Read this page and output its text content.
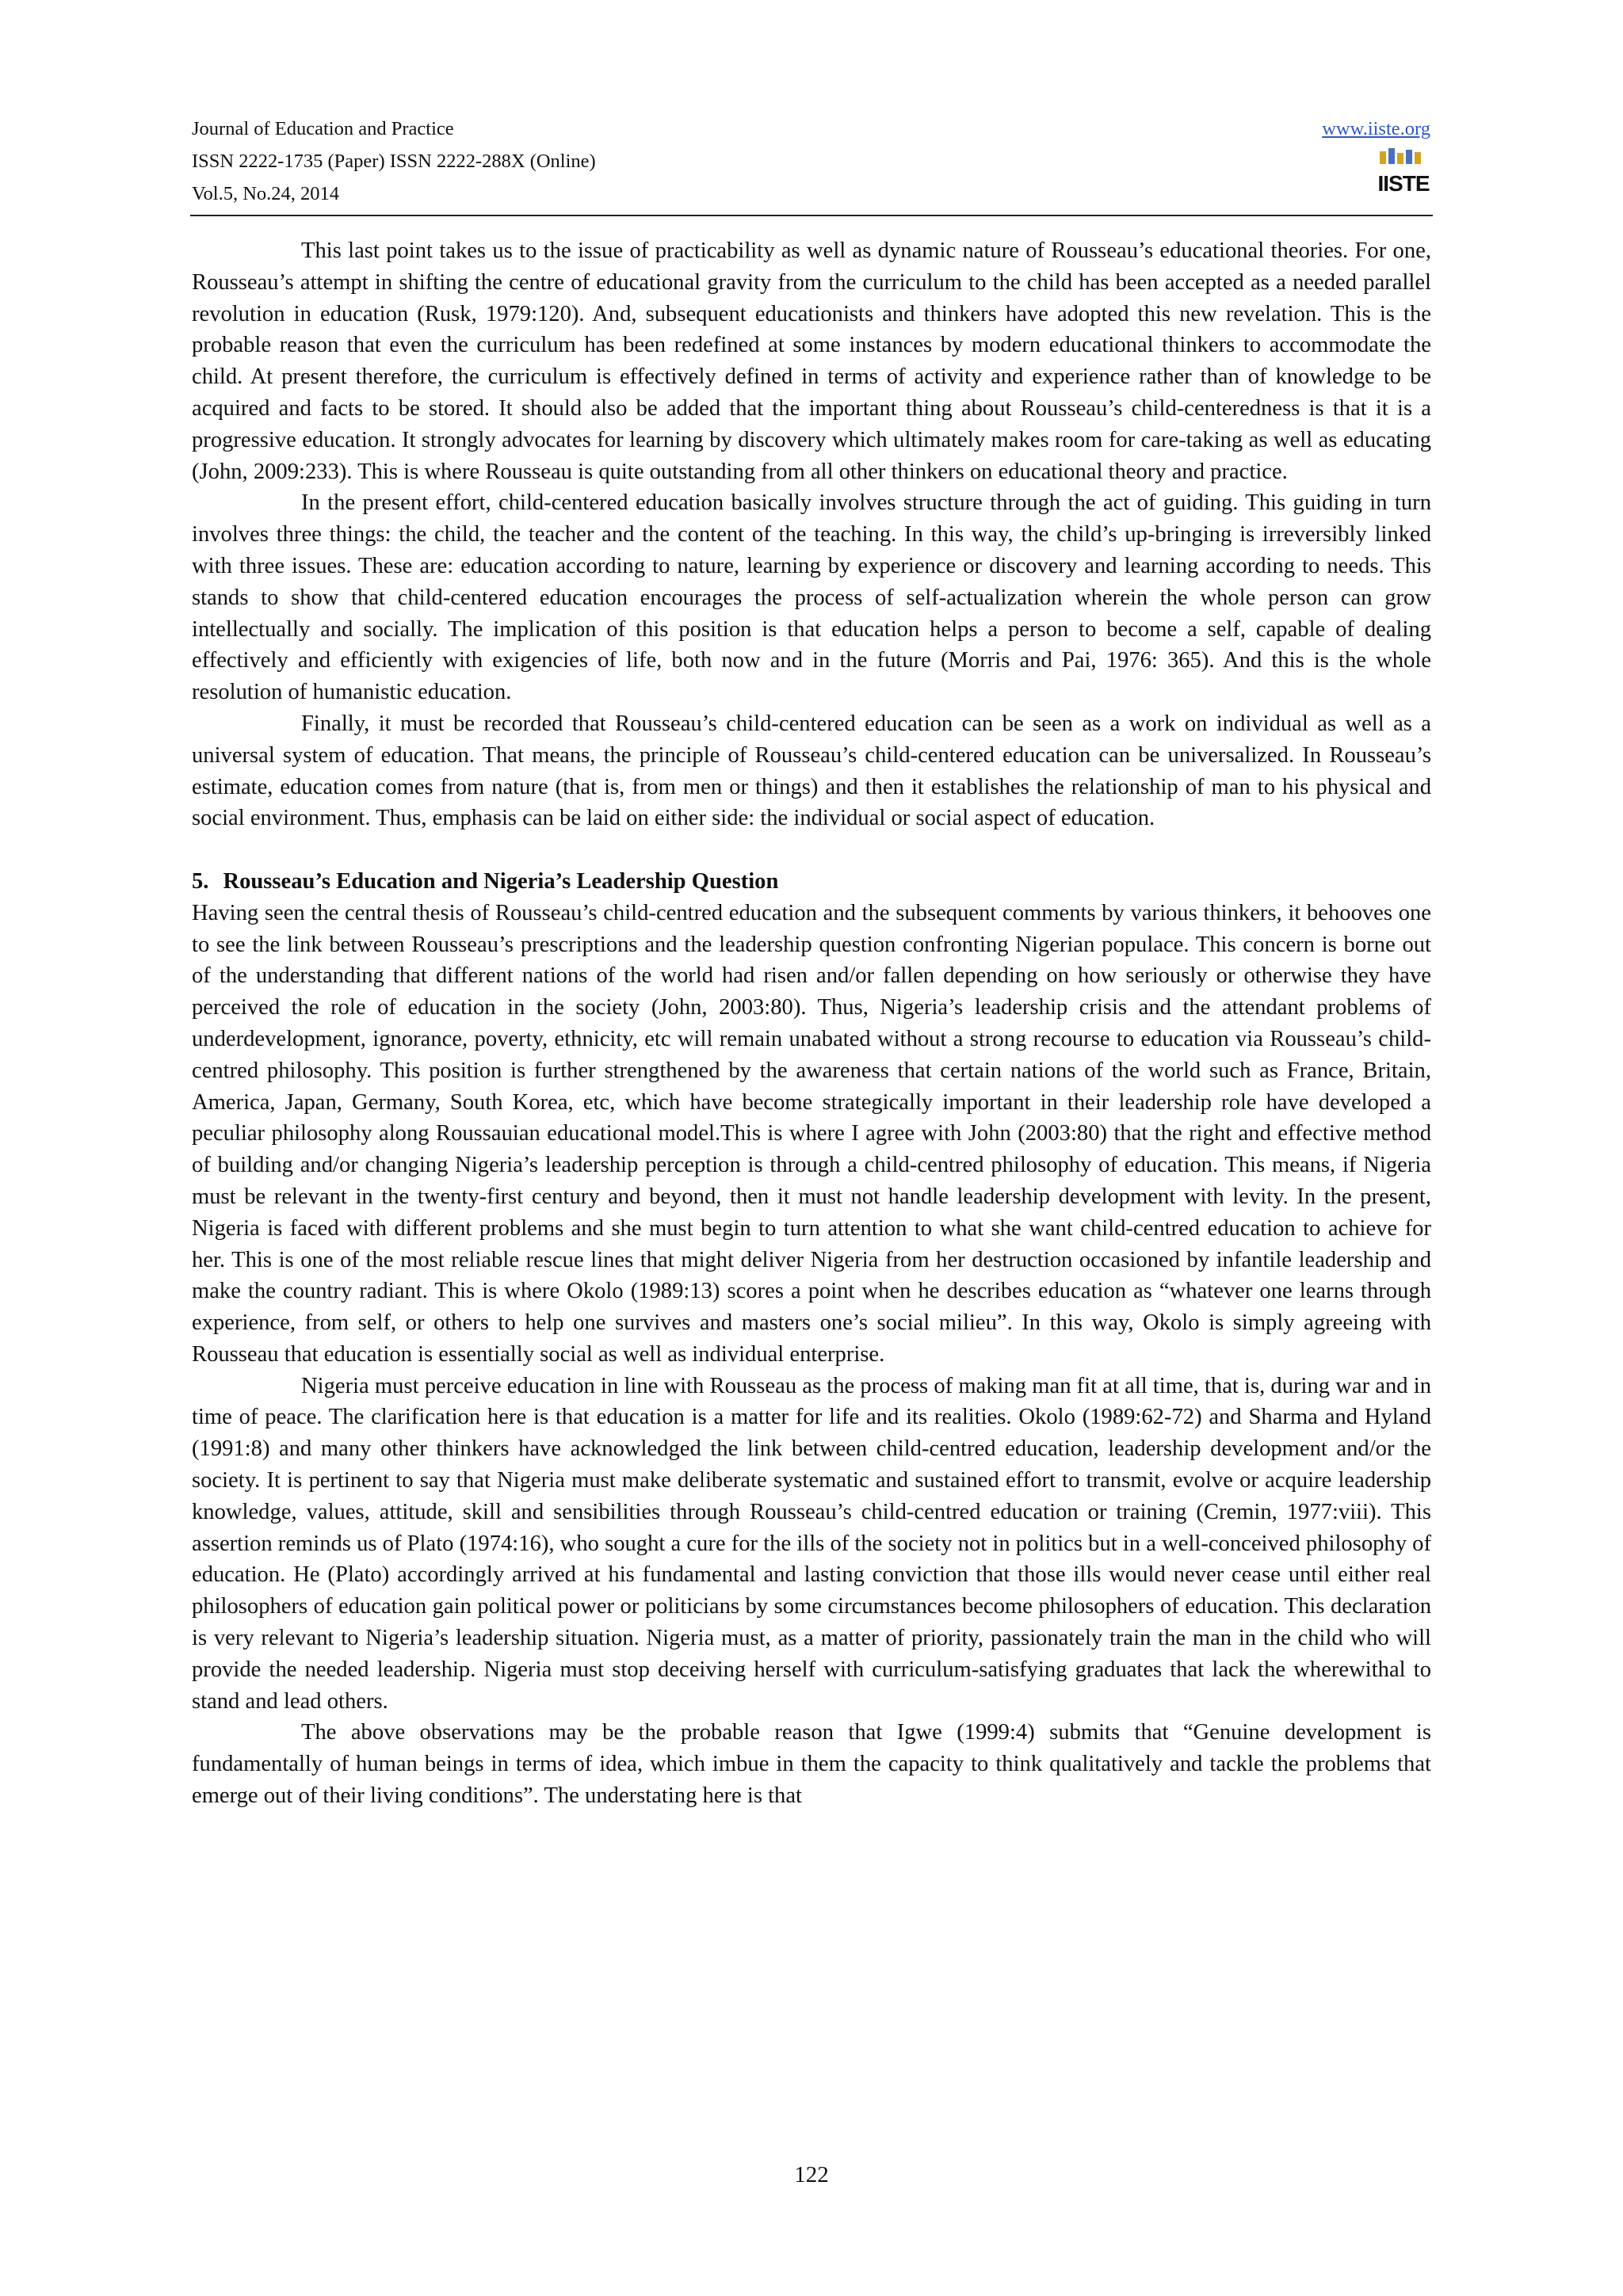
Journal of Education and Practice
ISSN 2222-1735 (Paper) ISSN 2222-288X (Online)
Vol.5, No.24, 2014
www.iiste.org
IISTE

This last point takes us to the issue of practicability as well as dynamic nature of Rousseau’s educational theories. For one, Rousseau’s attempt in shifting the centre of educational gravity from the curriculum to the child has been accepted as a needed parallel revolution in education (Rusk, 1979:120). And, subsequent educationists and thinkers have adopted this new revelation. This is the probable reason that even the curriculum has been redefined at some instances by modern educational thinkers to accommodate the child. At present therefore, the curriculum is effectively defined in terms of activity and experience rather than of knowledge to be acquired and facts to be stored. It should also be added that the important thing about Rousseau’s child-centeredness is that it is a progressive education. It strongly advocates for learning by discovery which ultimately makes room for care-taking as well as educating (John, 2009:233). This is where Rousseau is quite outstanding from all other thinkers on educational theory and practice.

In the present effort, child-centered education basically involves structure through the act of guiding. This guiding in turn involves three things: the child, the teacher and the content of the teaching. In this way, the child’s up-bringing is irreversibly linked with three issues. These are: education according to nature, learning by experience or discovery and learning according to needs. This stands to show that child-centered education encourages the process of self-actualization wherein the whole person can grow intellectually and socially. The implication of this position is that education helps a person to become a self, capable of dealing effectively and efficiently with exigencies of life, both now and in the future (Morris and Pai, 1976: 365). And this is the whole resolution of humanistic education.

Finally, it must be recorded that Rousseau’s child-centered education can be seen as a work on individual as well as a universal system of education. That means, the principle of Rousseau’s child-centered education can be universalized. In Rousseau’s estimate, education comes from nature (that is, from men or things) and then it establishes the relationship of man to his physical and social environment. Thus, emphasis can be laid on either side: the individual or social aspect of education.

5. Rousseau’s Education and Nigeria’s Leadership Question

Having seen the central thesis of Rousseau’s child-centred education and the subsequent comments by various thinkers, it behooves one to see the link between Rousseau’s prescriptions and the leadership question confronting Nigerian populace. This concern is borne out of the understanding that different nations of the world had risen and/or fallen depending on how seriously or otherwise they have perceived the role of education in the society (John, 2003:80). Thus, Nigeria’s leadership crisis and the attendant problems of underdevelopment, ignorance, poverty, ethnicity, etc will remain unabated without a strong recourse to education via Rousseau’s child-centred philosophy. This position is further strengthened by the awareness that certain nations of the world such as France, Britain, America, Japan, Germany, South Korea, etc, which have become strategically important in their leadership role have developed a peculiar philosophy along Roussauian educational model.This is where I agree with John (2003:80) that the right and effective method of building and/or changing Nigeria’s leadership perception is through a child-centred philosophy of education. This means, if Nigeria must be relevant in the twenty-first century and beyond, then it must not handle leadership development with levity. In the present, Nigeria is faced with different problems and she must begin to turn attention to what she want child-centred education to achieve for her. This is one of the most reliable rescue lines that might deliver Nigeria from her destruction occasioned by infantile leadership and make the country radiant. This is where Okolo (1989:13) scores a point when he describes education as “whatever one learns through experience, from self, or others to help one survives and masters one’s social milieu”. In this way, Okolo is simply agreeing with Rousseau that education is essentially social as well as individual enterprise.

Nigeria must perceive education in line with Rousseau as the process of making man fit at all time, that is, during war and in time of peace. The clarification here is that education is a matter for life and its realities. Okolo (1989:62-72) and Sharma and Hyland (1991:8) and many other thinkers have acknowledged the link between child-centred education, leadership development and/or the society. It is pertinent to say that Nigeria must make deliberate systematic and sustained effort to transmit, evolve or acquire leadership knowledge, values, attitude, skill and sensibilities through Rousseau’s child-centred education or training (Cremin, 1977:viii). This assertion reminds us of Plato (1974:16), who sought a cure for the ills of the society not in politics but in a well-conceived philosophy of education. He (Plato) accordingly arrived at his fundamental and lasting conviction that those ills would never cease until either real philosophers of education gain political power or politicians by some circumstances become philosophers of education. This declaration is very relevant to Nigeria’s leadership situation. Nigeria must, as a matter of priority, passionately train the man in the child who will provide the needed leadership. Nigeria must stop deceiving herself with curriculum-satisfying graduates that lack the wherewithal to stand and lead others.

The above observations may be the probable reason that Igwe (1999:4) submits that “Genuine development is fundamentally of human beings in terms of idea, which imbue in them the capacity to think qualitatively and tackle the problems that emerge out of their living conditions”. The understating here is that

122
